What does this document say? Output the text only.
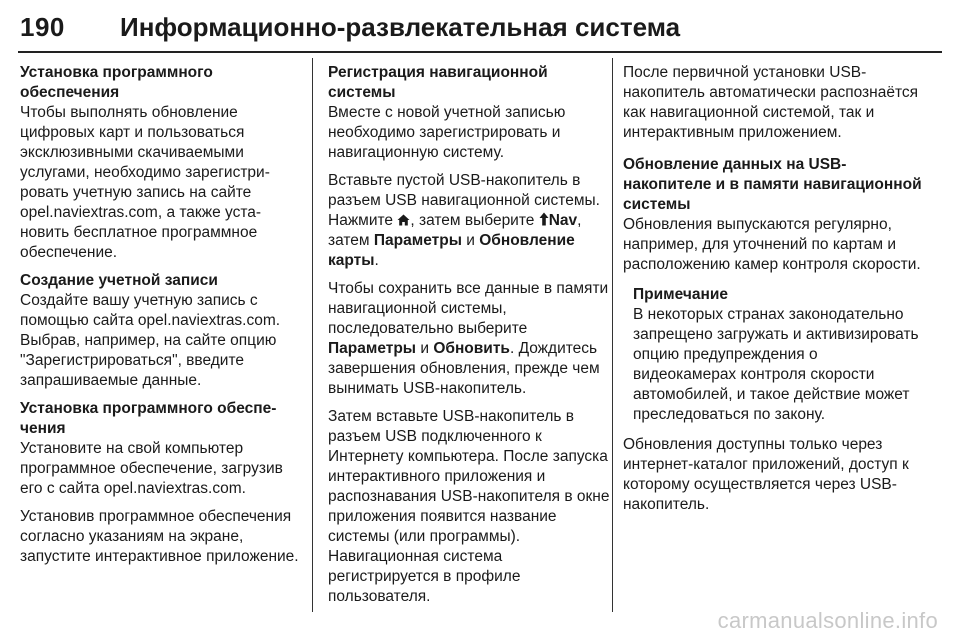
190 Информационно-развлекательная система
Установка программного обеспечения
Чтобы выполнять обновление цифровых карт и пользоваться эксклюзивными скачиваемыми услугами, необходимо зарегистрировать учетную запись на сайте opel.naviextras.com, а также установить бесплатное программное обеспечение.
Создание учетной записи
Создайте вашу учетную запись с помощью сайта opel.naviextras.com. Выбрав, например, на сайте опцию "Зарегистрироваться", введите запрашиваемые данные.
Установка программного обеспечения
Установите на свой компьютер программное обеспечение, загрузив его с сайта opel.naviextras.com.
Установив программное обеспечения согласно указаниям на экране, запустите интерактивное приложение.
Регистрация навигационной системы
Вместе с новой учетной записью необходимо зарегистрировать и навигационную систему.
Вставьте пустой USB-накопитель в разъем USB навигационной системы. Нажмите , затем выберите Nav, затем Параметры и Обновление карты.
Чтобы сохранить все данные в памяти навигационной системы, последовательно выберите Параметры и Обновить. Дождитесь завершения обновления, прежде чем вынимать USB-накопитель.
Затем вставьте USB-накопитель в разъем USB подключенного к Интернету компьютера. После запуска интерактивного приложения и распознавания USB-накопителя в окне приложения появится название системы (или программы). Навигационная система регистрируется в профиле пользователя.
После первичной установки USB-накопитель автоматически распознаётся как навигационной системой, так и интерактивным приложением.
Обновление данных на USB-накопителе и в памяти навигационной системы
Обновления выпускаются регулярно, например, для уточнений по картам и расположению камер контроля скорости.
Примечание
В некоторых странах законодательно запрещено загружать и активизировать опцию предупреждения о видеокамерах контроля скорости автомобилей, и такое действие может преследоваться по закону.
Обновления доступны только через интернет-каталог приложений, доступ к которому осуществляется через USB-накопитель.
carmanualsonline.info
